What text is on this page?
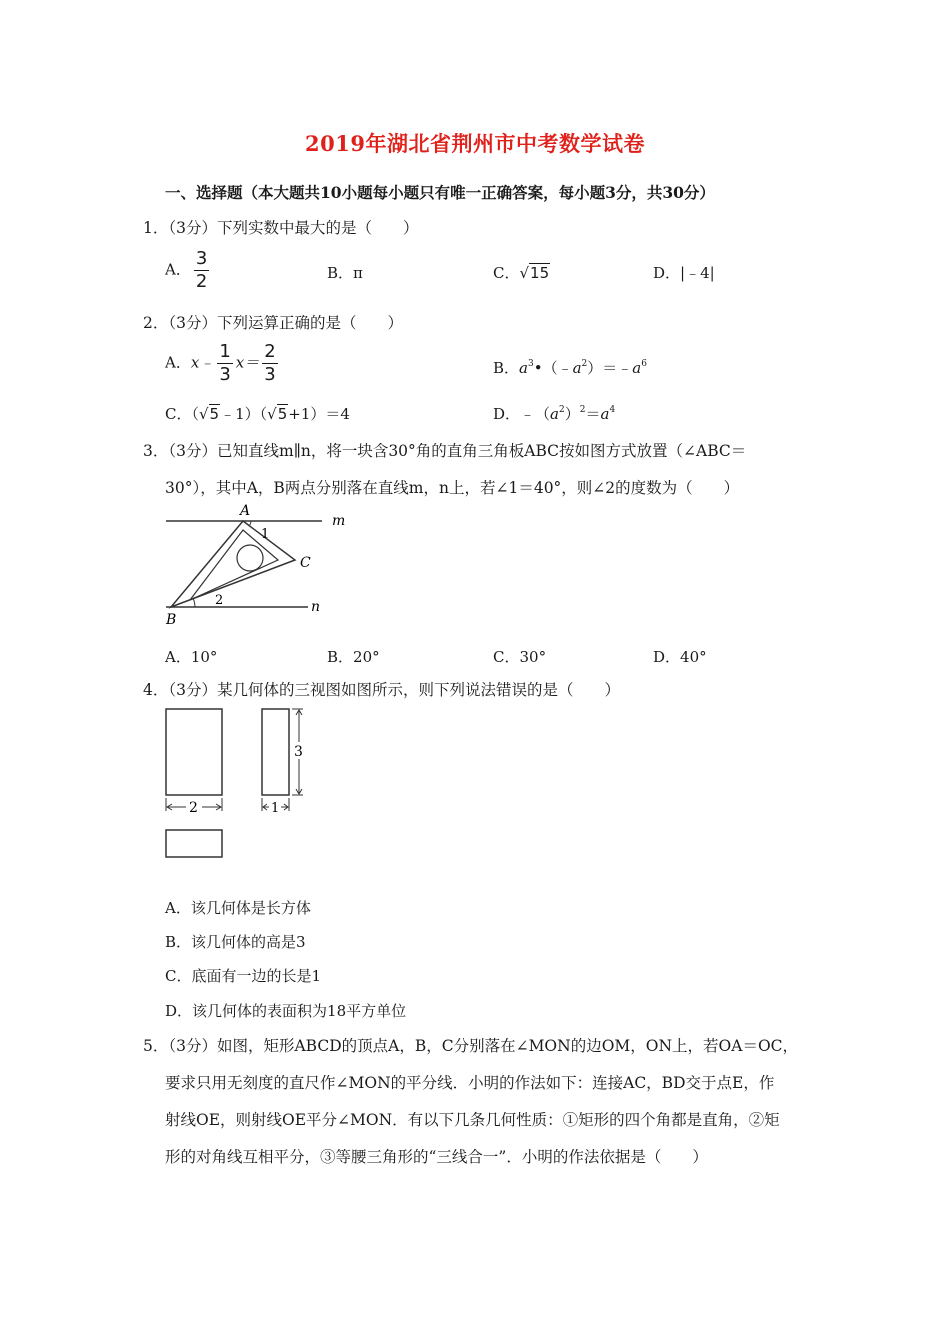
2019年湖北省荆州市中考数学试卷
一、选择题（本大题共10小题每小题只有唯一正确答案，每小题3分，共30分）
1．（3分）下列实数中最大的是（　　）
A． $\frac{3}{2}$	B．π	C．√15	D．|﹣4|
2．（3分）下列运算正确的是（　　）
A．x﹣ $\frac{1}{3} x= \frac{2}{3}$	B．$a^3•(﹣a^2)=﹣a^6$
C．（√5﹣1）（√5+1）＝4	D．$﹣(a^2)^2=a^4$
3．（3分）已知直线m∥n，将一块含30°角的直角三角板ABC按如图方式放置（∠ABC＝
30°），其中A，B两点分别落在直线m，n上，若∠1＝40°，则∠2的度数为（　　）
A
1
C
m
2
B
n
A．10°	B．20°	C．30°	D．40°
4．（3分）某几何体的三视图如图所示，则下列说法错误的是（　　）
2	1
3
A．该几何体是长方体
B．该几何体的高是3
C．底面有一边的长是1
D．该几何体的表面积为18平方单位
5．（3分）如图，矩形ABCD的顶点A，B，C分别落在∠MON的边OM，ON上，若OA＝OC，
要求只用无刻度的直尺作∠MON的平分线．小明的作法如下：连接AC，BD交于点E，作
射线OE，则射线OE平分∠MON．有以下几条几何性质：①矩形的四个角都是直角，②矩
形的对角线互相平分，③等腰三角形的“三线合一”．小明的作法依据是（　　）
